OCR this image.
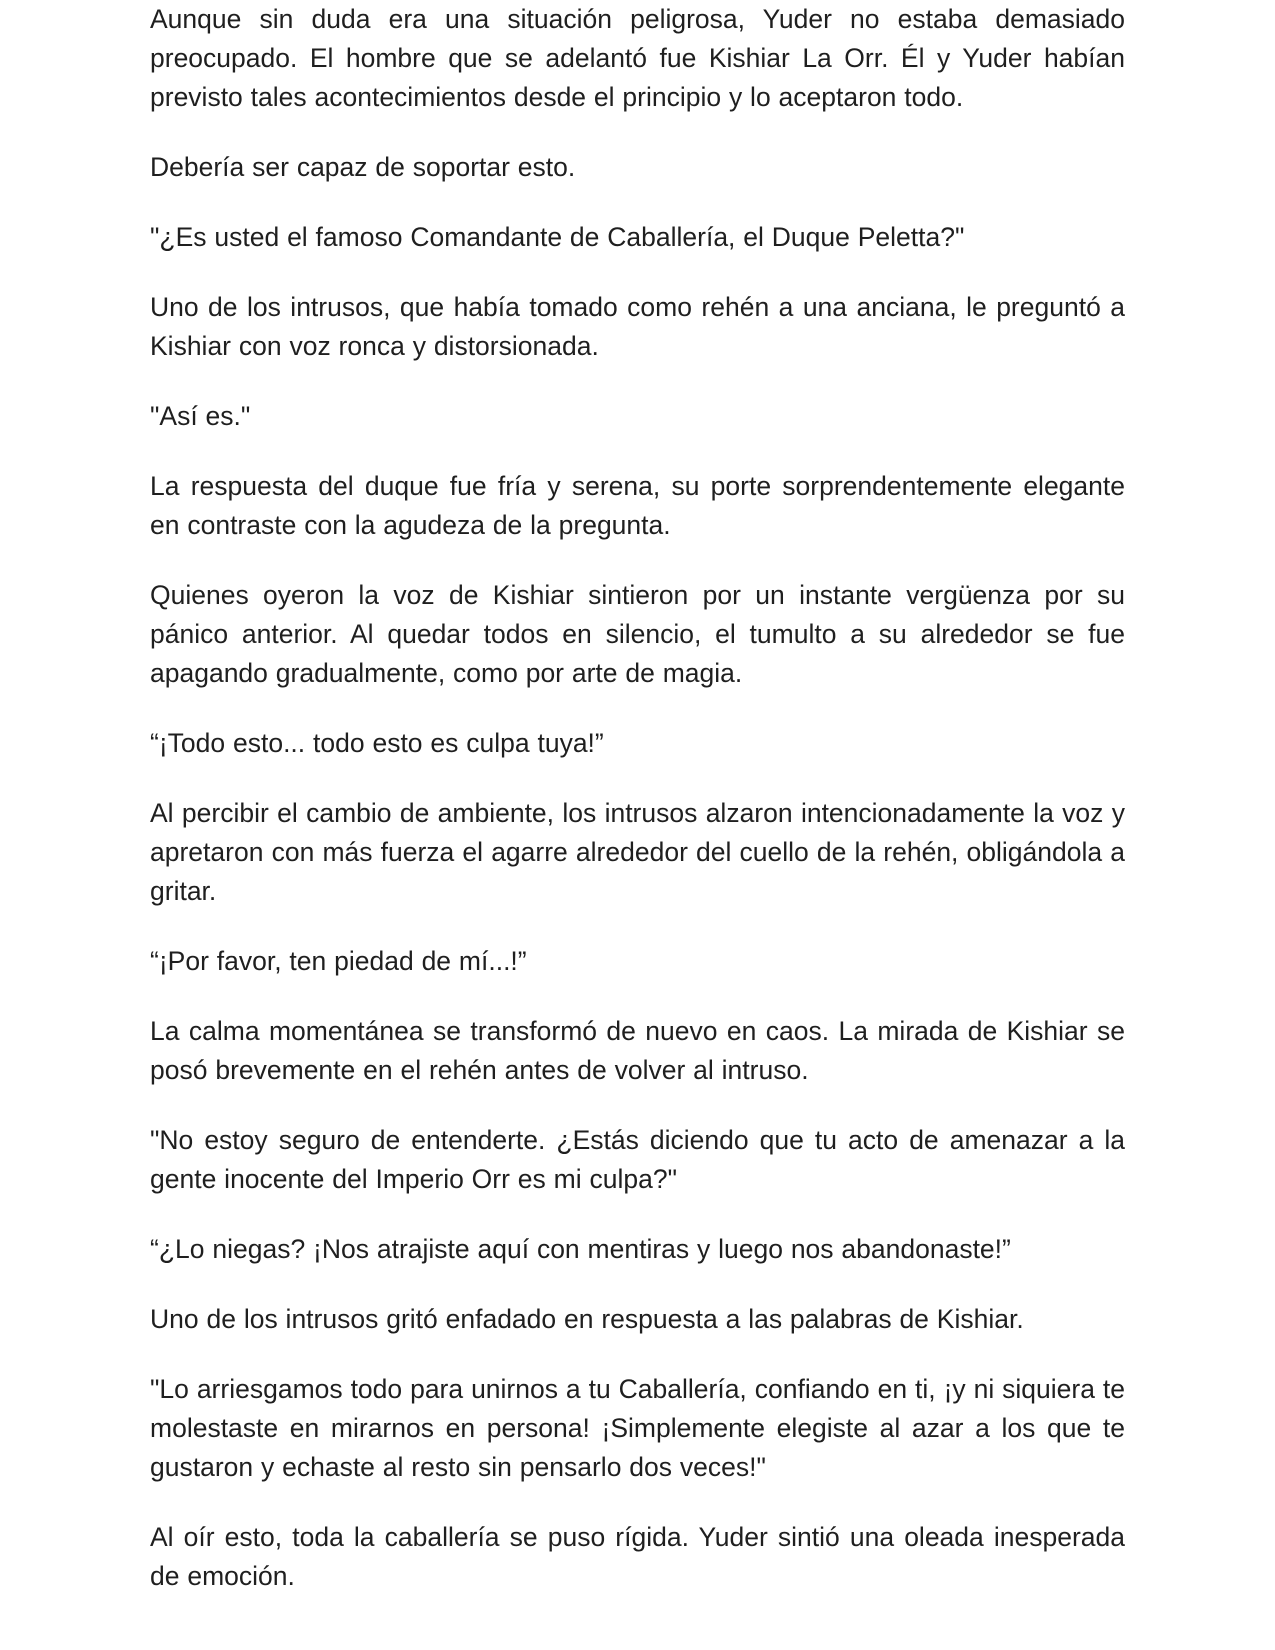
Aunque sin duda era una situación peligrosa, Yuder no estaba demasiado preocupado. El hombre que se adelantó fue Kishiar La Orr. Él y Yuder habían previsto tales acontecimientos desde el principio y lo aceptaron todo.

Debería ser capaz de soportar esto.

"¿Es usted el famoso Comandante de Caballería, el Duque Peletta?"

Uno de los intrusos, que había tomado como rehén a una anciana, le preguntó a Kishiar con voz ronca y distorsionada.

"Así es."

La respuesta del duque fue fría y serena, su porte sorprendentemente elegante en contraste con la agudeza de la pregunta.

Quienes oyeron la voz de Kishiar sintieron por un instante vergüenza por su pánico anterior. Al quedar todos en silencio, el tumulto a su alrededor se fue apagando gradualmente, como por arte de magia.

“¡Todo esto... todo esto es culpa tuya!”

Al percibir el cambio de ambiente, los intrusos alzaron intencionadamente la voz y apretaron con más fuerza el agarre alrededor del cuello de la rehén, obligándola a gritar.

“¡Por favor, ten piedad de mí...!”

La calma momentánea se transformó de nuevo en caos. La mirada de Kishiar se posó brevemente en el rehén antes de volver al intruso.

"No estoy seguro de entenderte. ¿Estás diciendo que tu acto de amenazar a la gente inocente del Imperio Orr es mi culpa?"

“¿Lo niegas? ¡Nos atrajiste aquí con mentiras y luego nos abandonaste!”

Uno de los intrusos gritó enfadado en respuesta a las palabras de Kishiar.

"Lo arriesgamos todo para unirnos a tu Caballería, confiando en ti, ¡y ni siquiera te molestaste en mirarnos en persona! ¡Simplemente elegiste al azar a los que te gustaron y echaste al resto sin pensarlo dos veces!"

Al oír esto, toda la caballería se puso rígida. Yuder sintió una oleada inesperada de emoción.
